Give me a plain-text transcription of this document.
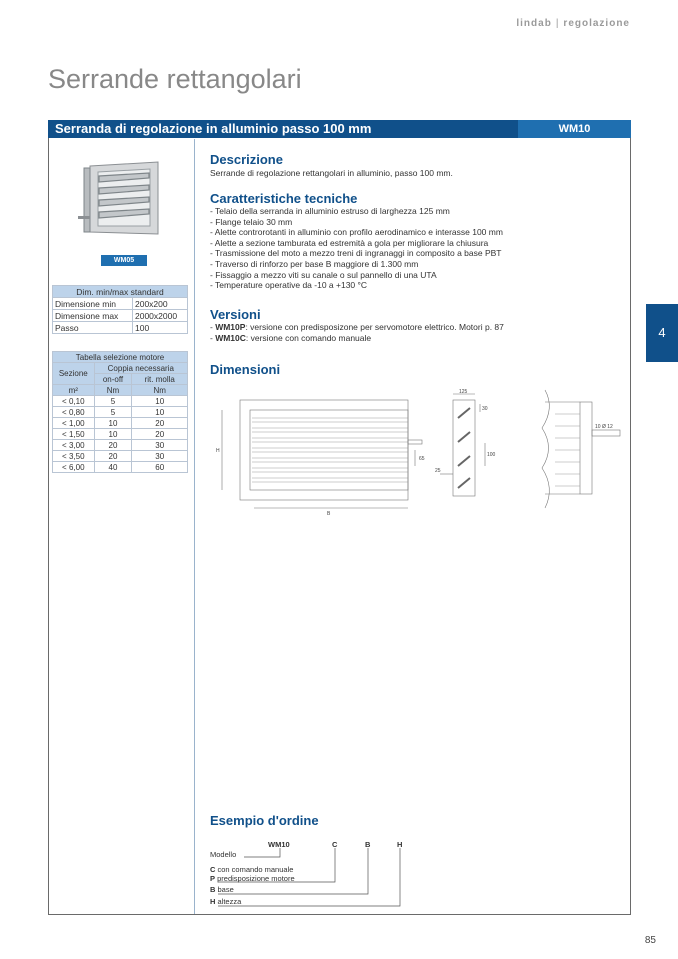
lindab | regolazione
Serrande rettangolari
Serranda di regolazione in alluminio passo 100 mm	WM10
4
85
WM05
Dim. min/max standard	
Dimensione min	200x200
Dimensione max	2000x2000
Passo	100
Tabella selezione motore		
Sezione	Coppia necessaria	
	on-off	rit. molla
m²	Nm	Nm
< 0,10	5	10
< 0,80	5	10
< 1,00	10	20
< 1,50	10	20
< 3,00	20	30
< 3,50	20	30
< 6,00	40	60
Descrizione
Serrande di regolazione rettangolari in alluminio, passo 100 mm.
Caratteristiche tecniche
- Telaio della serranda in alluminio estruso di larghezza 125 mm
- Flange telaio 30 mm
- Alette controrotanti in alluminio con profilo aerodinamico e interasse 100 mm
- Alette a sezione tamburata ed estremità a gola per migliorare la chiusura
- Trasmissione del moto a mezzo treni di ingranaggi in composito a base PBT
- Traverso di rinforzo per base B maggiore di 1.300 mm
- Fissaggio a mezzo viti su canale o sul pannello di una UTA
- Temperature operative da -10 a +130 °C
Versioni
- WM10P: versione con predisposizone per servomotore elettrico. Motori p. 87
- WM10C: versione con comando manuale
Dimensioni
H
B
125
30
100
65
25
10 Ø 12
Esempio d'ordine
WM10	C	B	H
Modello
C con comando manuale
P predisposizione motore
B base
H altezza
